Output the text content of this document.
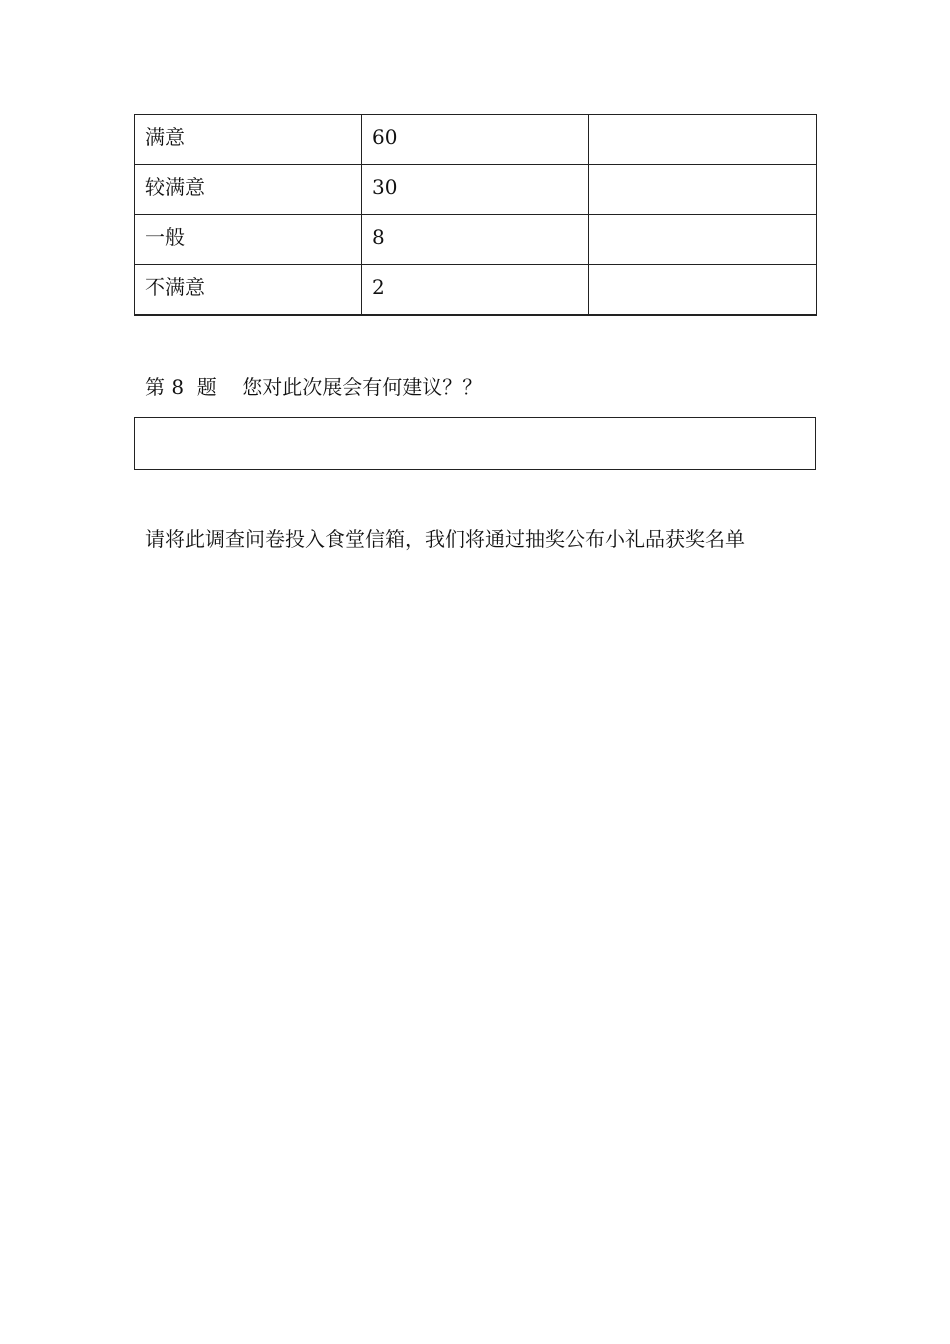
满意	60	
较满意	30	
一般	8	
不满意	2	
第 8  题    您对此次展会有何建议？？
请将此调查问卷投入食堂信箱，我们将通过抽奖公布小礼品获奖名单
